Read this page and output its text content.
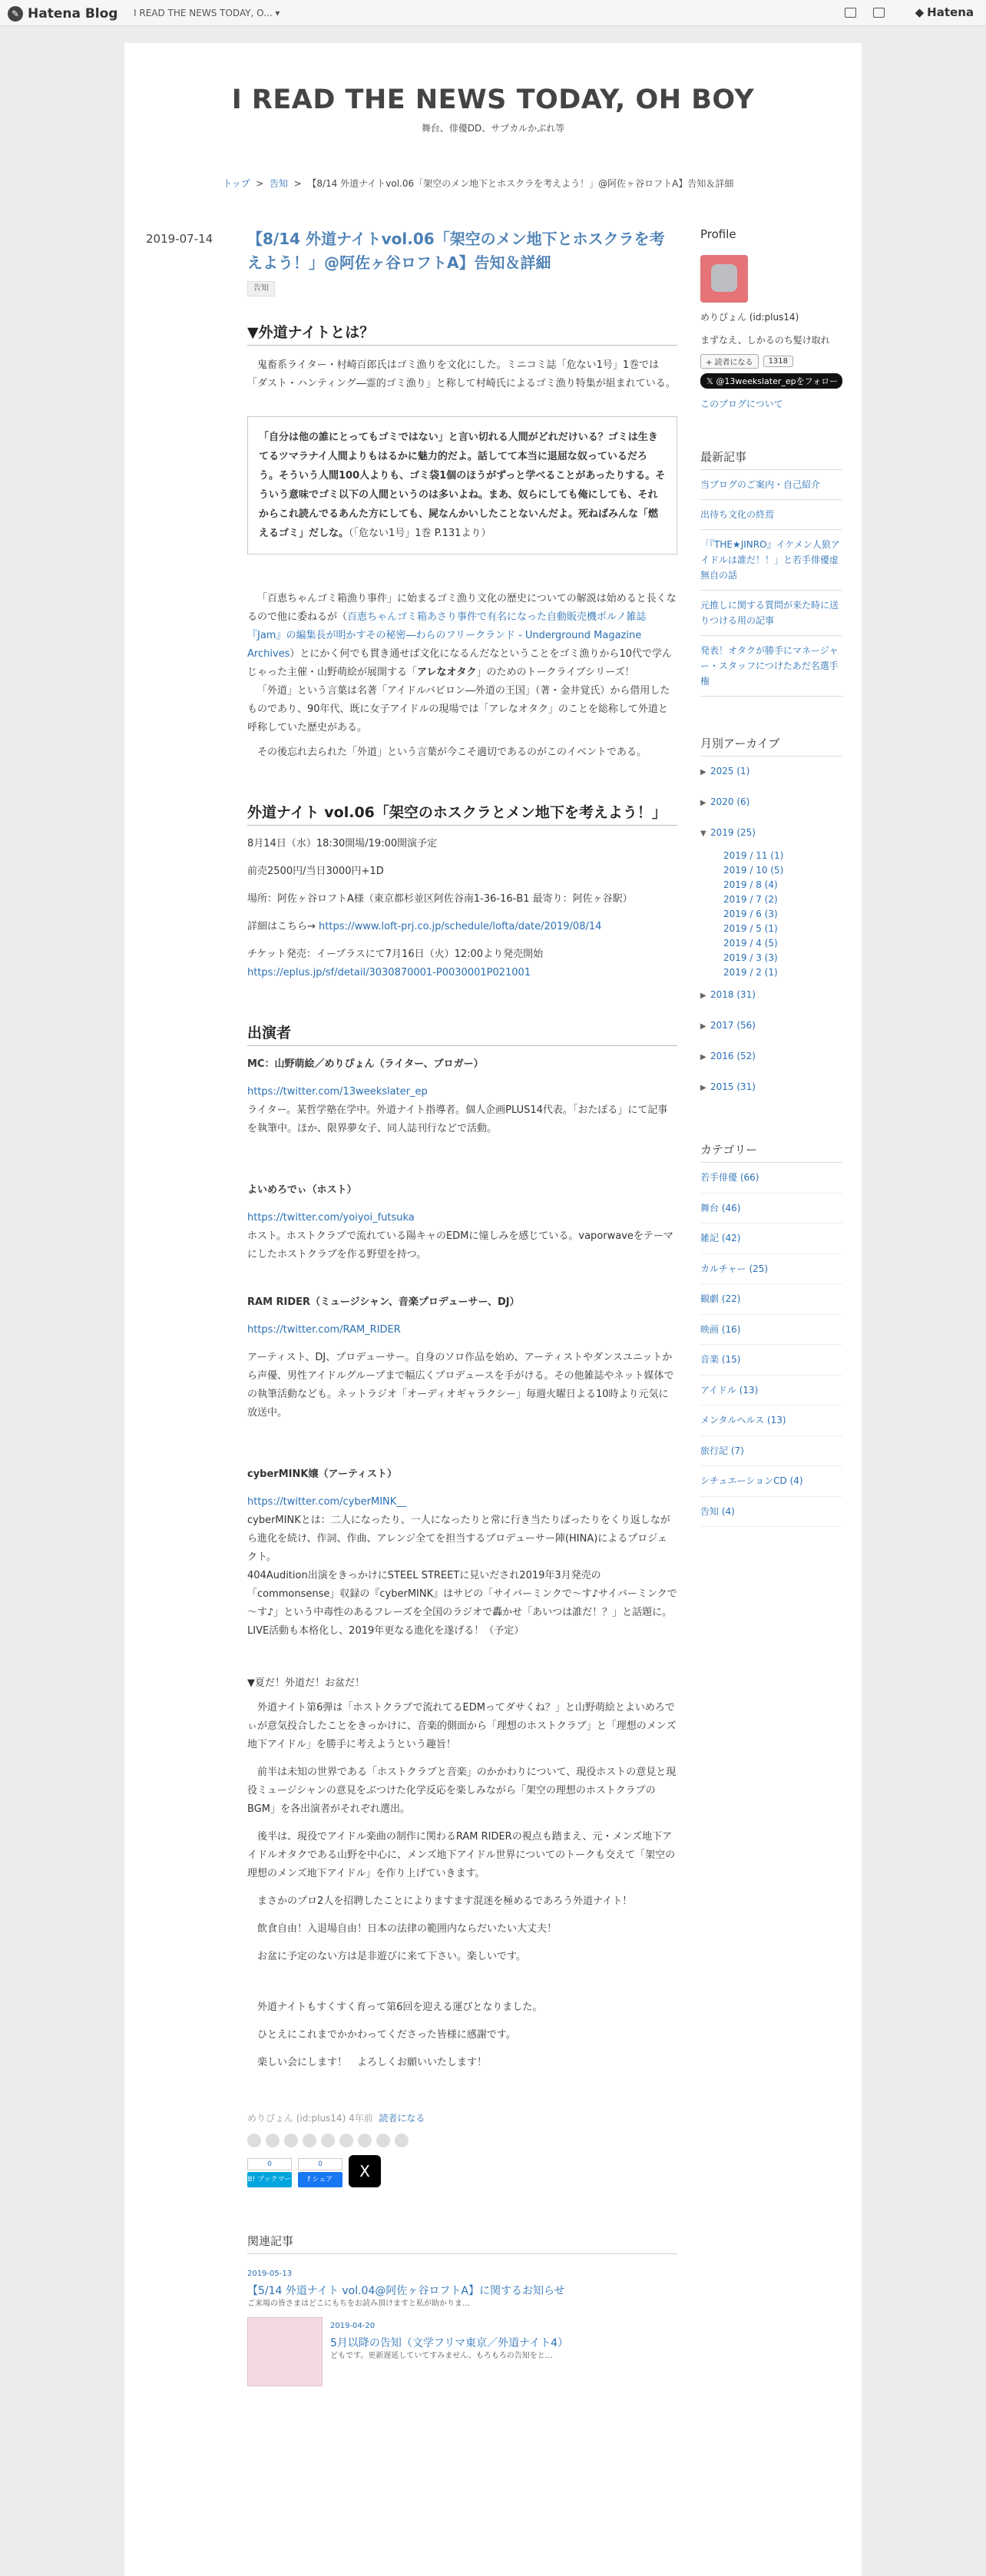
✎ Hatena Blog I READ THE NEWS TODAY, O... ▾	◆ Hatena
I READ THE NEWS TODAY, OH BOY
舞台、俳優DD、サブカルかぶれ等
トップ > 告知 > 【8/14 外道ナイトvol.06「架空のメン地下とホスクラを考えよう！」@阿佐ヶ谷ロフトA】告知＆詳細
2019-07-14 【8/14 外道ナイトvol.06「架空のメン地下とホスクラを考えよう！」@阿佐ヶ谷ロフトA】告知＆詳細
告知
▼外道ナイトとは？

鬼畜系ライター・村崎百郎氏はゴミ漁りを文化にした。ミニコミ誌「危ない1号」1巻では「ダスト・ハンティング―霊的ゴミ漁り」と称して村崎氏によるゴミ漁り特集が組まれている。

「自分は他の誰にとってもゴミではない」と言い切れる人間がどれだけいる？ゴミは生きてるツマラナイ人間よりもはるかに魅力的だよ。話してて本当に退屈な奴っているだろう。そういう人間100人よりも、ゴミ袋1個のほうがずっと学べることがあったりする。そういう意味でゴミ以下の人間というのは多いよね。まあ、奴らにしても俺にしても、それからこれ読んでるあんた方にしても、屍なんかいしたことないんだよ。死ねばみんな「燃えるゴミ」だしな。（「危ない1号」1巻 P.131より）

「百恵ちゃんゴミ箱漁り事件」に始まるゴミ漁り文化の歴史についての解説は始めると長くなるので他に委ねるが（百恵ちゃんゴミ箱あさり事件で有名になった自動販売機ポルノ雑誌『Jam』の編集長が明かすその秘密―わらのフリークランド - Underground Magazine Archives）とにかく何でも貫き通せば文化になるんだなということをゴミ漁りから10代で学んじゃった主催・山野萌絵が展開する「アレなオタク」のためのトークライブシリーズ！

「外道」という言葉は名著「アイドルバビロン―外道の王国」（著・金井覚氏）から借用したものであり、90年代、既に女子アイドルの現場では「アレなオタク」のことを総称して外道と呼称していた歴史がある。

その後忘れ去られた「外道」という言葉が今こそ適切であるのがこのイベントである。

外道ナイト vol.06「架空のホスクラとメン地下を考えよう！」

8月14日（水）18:30開場/19:00開演予定

前売2500円/当日3000円+1D

場所：阿佐ヶ谷ロフトA様（東京都杉並区阿佐谷南1-36-16-B1 最寄り：阿佐ヶ谷駅）

詳細はこちら→ https://www.loft-prj.co.jp/schedule/lofta/date/2019/08/14

チケット発売：イープラスにて7月16日（火）12:00より発売開始
https://eplus.jp/sf/detail/3030870001-P0030001P021001

出演者

MC：山野萌絵／めりぴょん（ライター、ブロガー）

https://twitter.com/13weekslater_ep

ライター。某哲学塾在学中。外道ナイト指導者。個人企画PLUS14代表。「おたぽる」にて記事を執筆中。ほか、限界夢女子、同人誌刊行などで活動。

よいめろでぃ（ホスト）

https://twitter.com/yoiyoi_futsuka

ホスト。ホストクラブで流れている陽キャのEDMに憧しみを感じている。vaporwaveをテーマにしたホストクラブを作る野望を持つ。

RAM RIDER（ミュージシャン、音楽プロデューサー、DJ）

https://twitter.com/RAM_RIDER

アーティスト、DJ、プロデューサー。自身のソロ作品を始め、アーティストやダンスユニットから声優、男性アイドルグループまで幅広くプロデュースを手がける。その他雑誌やネット媒体での執筆活動なども。ネットラジオ「オーディオギャラクシー」毎週火曜日よる10時より元気に放送中。

cyberMINK嬢（アーティスト）

https://twitter.com/cyberMINK__

cyberMINKとは：二人になったり、一人になったりと常に行き当たりばったりをくり返しながら進化を続け、作詞、作曲、アレンジ全てを担当するプロデューサー陣(HINA)によるプロジェクト。
404Audition出演をきっかけにSTEEL STREETに見いだされ2019年3月発売の「commonsense」収録の『cyberMINK』はサビの「サイバーミンクで～す♪サイバーミンクで～す♪」という中毒性のあるフレーズを全国のラジオで轟かせ「あいつは誰だ！？」と話題に。LIVE活動も本格化し、2019年更なる進化を遂げる！（予定）

▼夏だ！外道だ！お盆だ！

外道ナイト第6弾は「ホストクラブで流れてるEDMってダサくね？」と山野萌絵とよいめろでぃが意気投合したことをきっかけに、音楽的側面から「理想のホストクラブ」と「理想のメンズ地下アイドル」を勝手に考えようという趣旨！

前半は未知の世界である「ホストクラブと音楽」のかかわりについて、現役ホストの意見と現役ミュージシャンの意見をぶつけた化学反応を楽しみながら「架空の理想のホストクラブのBGM」を各出演者がそれぞれ選出。

後半は、現役でアイドル楽曲の制作に関わるRAM RIDERの視点も踏まえ、元・メンズ地下アイドルオタクである山野を中心に、メンズ地下アイドル世界についてのトークも交えて「架空の理想のメンズ地下アイドル」を作り上げていきます。

まさかのプロ2人を招聘したことによりますます混迷を極めるであろう外道ナイト！

飲食自由！入退場自由！日本の法律の範囲内ならだいたい大丈夫！

お盆に予定のない方は是非遊びに来て下さい。楽しいです。

外道ナイトもすくすく育って第6回を迎える運びとなりました。

ひとえにこれまでかかわってくださった皆様に感謝です。

楽しい会にします！　よろしくお願いいたします！

めりぴょん (id:plus14) 4年前 読者になる
0
B! ブックマーク
0
f シェア	X
関連記事
2019-05-13
【5/14 外道ナイト vol.04@阿佐ヶ谷ロフトA】に関するお知らせ
ご来場の皆さまはどこにもちをお読み頂けますと私が助かりま…
2019-04-20
5月以降の告知（文学フリマ東京／外道ナイト4）
どもです。更新遅延していてすみません。もろもろの告知をと…
Profile
めりぴょん (id:plus14)
まずなえ、しかるのち髪け取れ
+ 読者になる	1318
𝕏 @13weekslater_epをフォロー
このブログについて
最新記事
当ブログのご案内・自己紹介
出待ち文化の終焉
「『THE★JINRO』イケメン人狼アイドルは誰だ！！」と若手俳優虚無自の話
元推しに関する質問が来た時に送りつける用の記事
発表！オタクが勝手にマネージャー・スタッフにつけたあだ名選手権
月別アーカイブ
▶ 2025 (1)
▶ 2020 (6)
▼ 2019 (25)
2019 / 11 (1)
2019 / 10 (5)
2019 / 8 (4)
2019 / 7 (2)
2019 / 6 (3)
2019 / 5 (1)
2019 / 4 (5)
2019 / 3 (3)
2019 / 2 (1)
▶ 2018 (31)
▶ 2017 (56)
▶ 2016 (52)
▶ 2015 (31)
カテゴリー
若手俳優 (66)
舞台 (46)
雑記 (42)
カルチャー (25)
観劇 (22)
映画 (16)
音楽 (15)
アイドル (13)
メンタルヘルス (13)
旅行記 (7)
シチュエーションCD (4)
告知 (4)
